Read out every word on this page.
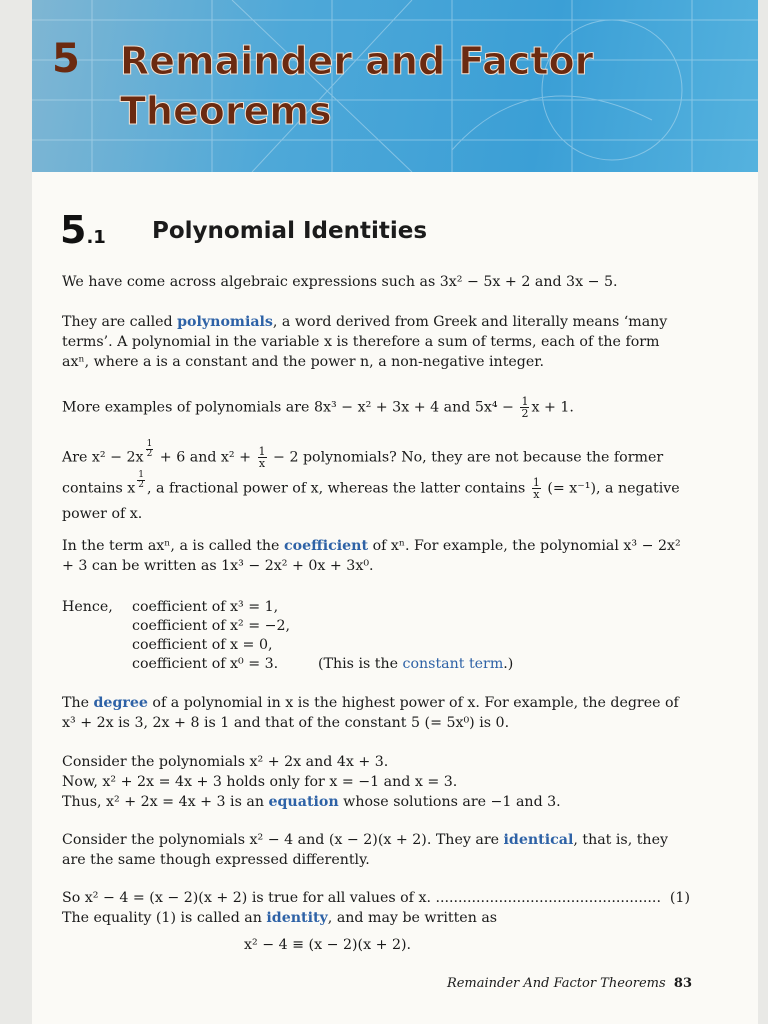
5 Remainder and Factor
Theorems
5.1 Polynomial Identities
We have come across algebraic expressions such as 3x² − 5x + 2 and 3x − 5.
They are called polynomials, a word derived from Greek and literally means ‘many terms’. A polynomial in the variable x is therefore a sum of terms, each of the form axⁿ, where a is a constant and the power n, a non-negative integer.
More examples of polynomials are 8x³ − x² + 3x + 4 and $5x^4 - \frac{1}{2}$ x + 1.
Are $x^2 - 2x \frac{1}{2} + 6$ and $x^2 + \frac{1}{x} - 2$ polynomials? No, they are not because the former contains x $\frac{1}{2}$ , a fractional power of x, whereas the latter contains $\frac{1}{x}$ (= x⁻¹), a negative power of x.
In the term axⁿ, a is called the coefficient of xⁿ. For example, the polynomial x³ − 2x² + 3 can be written as 1x³ − 2x² + 0x + 3x⁰.
Hence, coefficient of x³ = 1,
coefficient of x² = −2,
coefficient of x = 0,
coefficient of x⁰ = 3.	(This is the constant term.)
The degree of a polynomial in x is the highest power of x. For example, the degree of x³ + 2x is 3, 2x + 8 is 1 and that of the constant 5 (= 5x⁰) is 0.
Consider the polynomials x² + 2x and 4x + 3.
Now, x² + 2x = 4x + 3 holds only for x = −1 and x = 3.
Thus, x² + 2x = 4x + 3 is an equation whose solutions are −1 and 3.
Consider the polynomials x² − 4 and (x − 2)(x + 2). They are identical, that is, they are the same though expressed differently.
So x² − 4 = (x − 2)(x + 2) is true for all values of x. .................................................. (1)
The equality (1) is called an identity, and may be written as
x² − 4 ≡ (x − 2)(x + 2).
Remainder And Factor Theorems 83
